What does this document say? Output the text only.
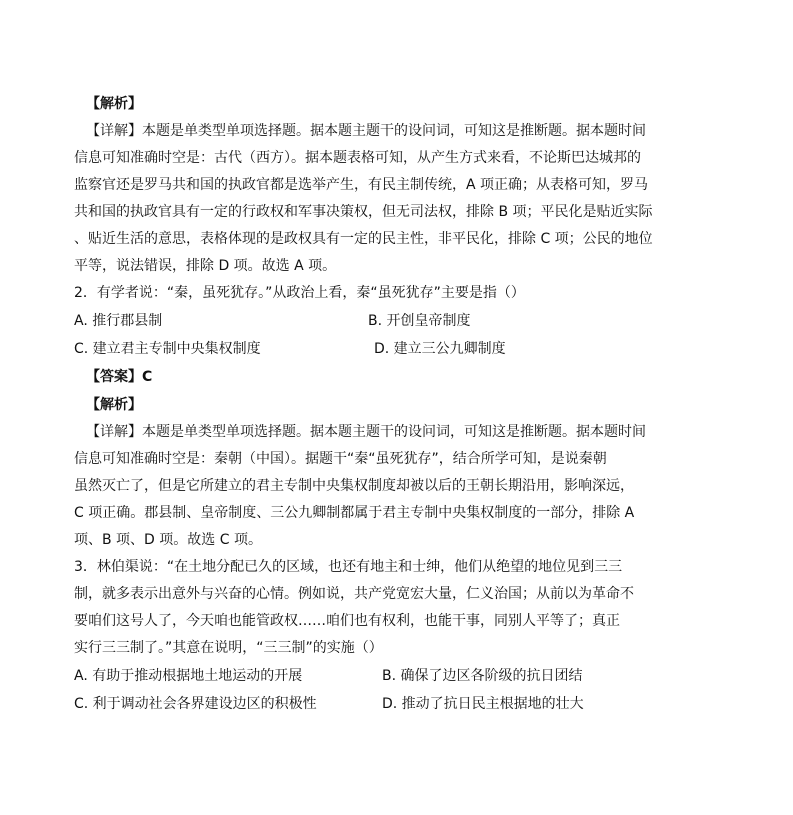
【解析】
【详解】本题是单类型单项选择题。据本题主题干的设问词，可知这是推断题。据本题时间
信息可知准确时空是：古代（西方）。据本题表格可知，从产生方式来看，不论斯巴达城邦的
监察官还是罗马共和国的执政官都是选举产生，有民主制传统，A 项正确；从表格可知，罗马
共和国的执政官具有一定的行政权和军事决策权，但无司法权，排除 B 项；平民化是贴近实际
、贴近生活的意思，表格体现的是政权具有一定的民主性，非平民化，排除 C 项；公民的地位
平等，说法错误，排除 D 项。故选 A 项。
2．有学者说：“秦，虽死犹存。”从政治上看，秦“虽死犹存”主要是指（）
A. 推行郡县制	B. 开创皇帝制度
C. 建立君主专制中央集权制度	D. 建立三公九卿制度
【答案】C
【解析】
【详解】本题是单类型单项选择题。据本题主题干的设问词，可知这是推断题。据本题时间
信息可知准确时空是：秦朝（中国）。据题干“秦“虽死犹存”，结合所学可知，是说秦朝
虽然灭亡了，但是它所建立的君主专制中央集权制度却被以后的王朝长期沿用，影响深远，
C 项正确。郡县制、皇帝制度、三公九卿制都属于君主专制中央集权制度的一部分，排除 A
项、B 项、D 项。故选 C 项。
3．林伯渠说：“在土地分配已久的区域，也还有地主和士绅，他们从绝望的地位见到三三
制，就多表示出意外与兴奋的心情。例如说，共产党宽宏大量，仁义治国；从前以为革命不
要咱们这号人了，今天咱也能管政权……咱们也有权利，也能干事，同别人平等了；真正
实行三三制了。”其意在说明，“三三制”的实施（）
A. 有助于推动根据地土地运动的开展	B. 确保了边区各阶级的抗日团结
C. 利于调动社会各界建设边区的积极性	D. 推动了抗日民主根据地的壮大
